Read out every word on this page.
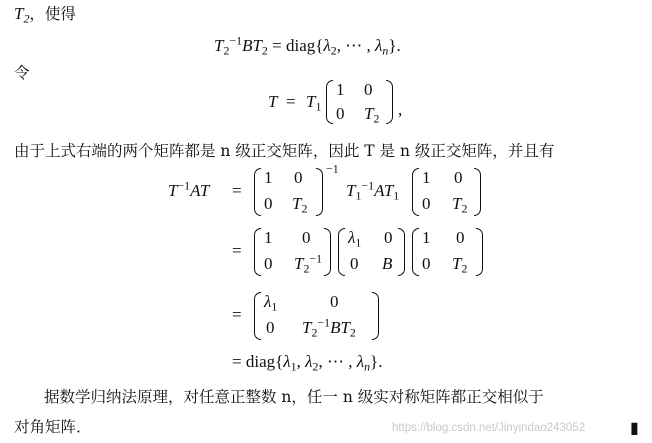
$T_2$，使得
$T_2^{-1}BT_2$ = $diag\{\lambda_2$, ⋯ , $\lambda_n$}.
令
$T = T_1$
1 0
0 $T_2$ ,
由于上式右端的两个矩阵都是 n 级正交矩阵，因此 T 是 n 级正交矩阵，并且有
$T^{-1}AT$ =
1 0
0 $T_2$
$^{-1}$
$T_1^{-1}AT_1$
1 0
0 $T_2$
=
1 0
0 $T_2^{-1}$
$\lambda_1$ 0
0 B
1 0
0 $T_2$
=
$\lambda_1$	0
0 $T_2^{-1}BT_2$
= $diag\{\lambda_1$, $\lambda_2$, ⋯ , $\lambda_n$}.
据数学归纳法原理，对任意正整数 n，任一 n 级实对称矩阵都正交相似于
对角矩阵．	https://blog.csdn.net/Jinyindao243052	▮
